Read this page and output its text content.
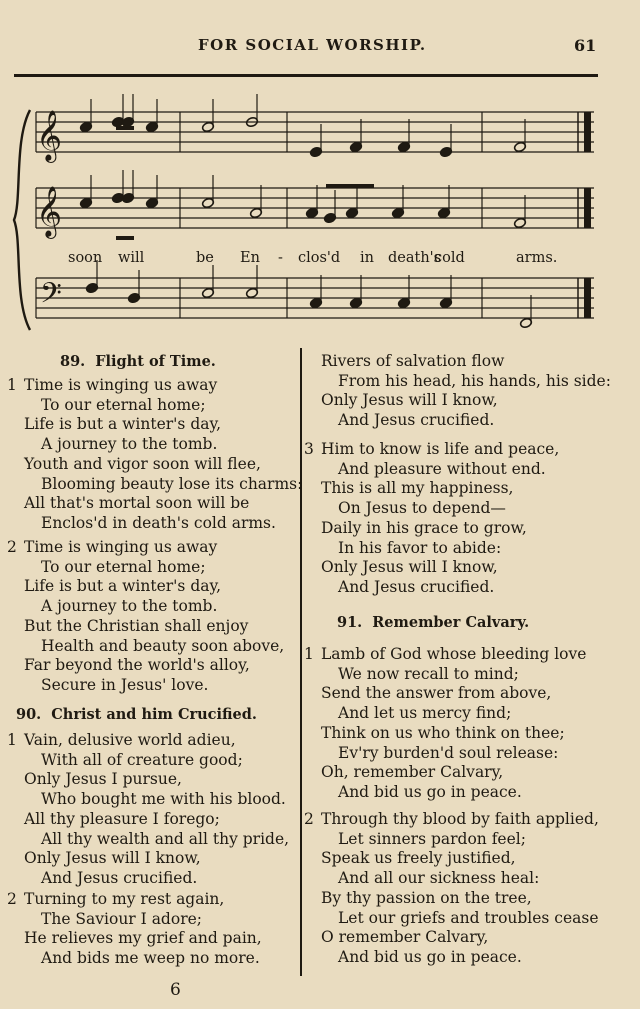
FOR SOCIAL WORSHIP.	61
𝄞
𝄞
𝄢
soon will	be En - clos'd in death's
cold	arms.
89. Flight of Time.
1 Time is winging us away
To our eternal home;
Life is but a winter's day,
A journey to the tomb.
Youth and vigor soon will flee,
Blooming beauty lose its charms:
All that's mortal soon will be
Enclos'd in death's cold arms.
2 Time is winging us away
To our eternal home;
Life is but a winter's day,
A journey to the tomb.
But the Christian shall enjoy
Health and beauty soon above,
Far beyond the world's alloy,
Secure in Jesus' love.
90. Christ and him Crucified.
1 Vain, delusive world adieu,
With all of creature good;
Only Jesus I pursue,
Who bought me with his blood.
All thy pleasure I forego;
All thy wealth and all thy pride,
Only Jesus will I know,
And Jesus crucified.
2 Turning to my rest again,
The Saviour I adore;
He relieves my grief and pain,
And bids me weep no more.
Rivers of salvation flow
From his head, his hands, his side:
Only Jesus will I know,
And Jesus crucified.
3 Him to know is life and peace,
And pleasure without end.
This is all my happiness,
On Jesus to depend—
Daily in his grace to grow,
In his favor to abide:
Only Jesus will I know,
And Jesus crucified.
91. Remember Calvary.
1 Lamb of God whose bleeding love
We now recall to mind;
Send the answer from above,
And let us mercy find;
Think on us who think on thee;
Ev'ry burden'd soul release:
Oh, remember Calvary,
And bid us go in peace.
2 Through thy blood by faith applied,
Let sinners pardon feel;
Speak us freely justified,
And all our sickness heal:
By thy passion on the tree,
Let our griefs and troubles cease
O remember Calvary,
And bid us go in peace.
6
